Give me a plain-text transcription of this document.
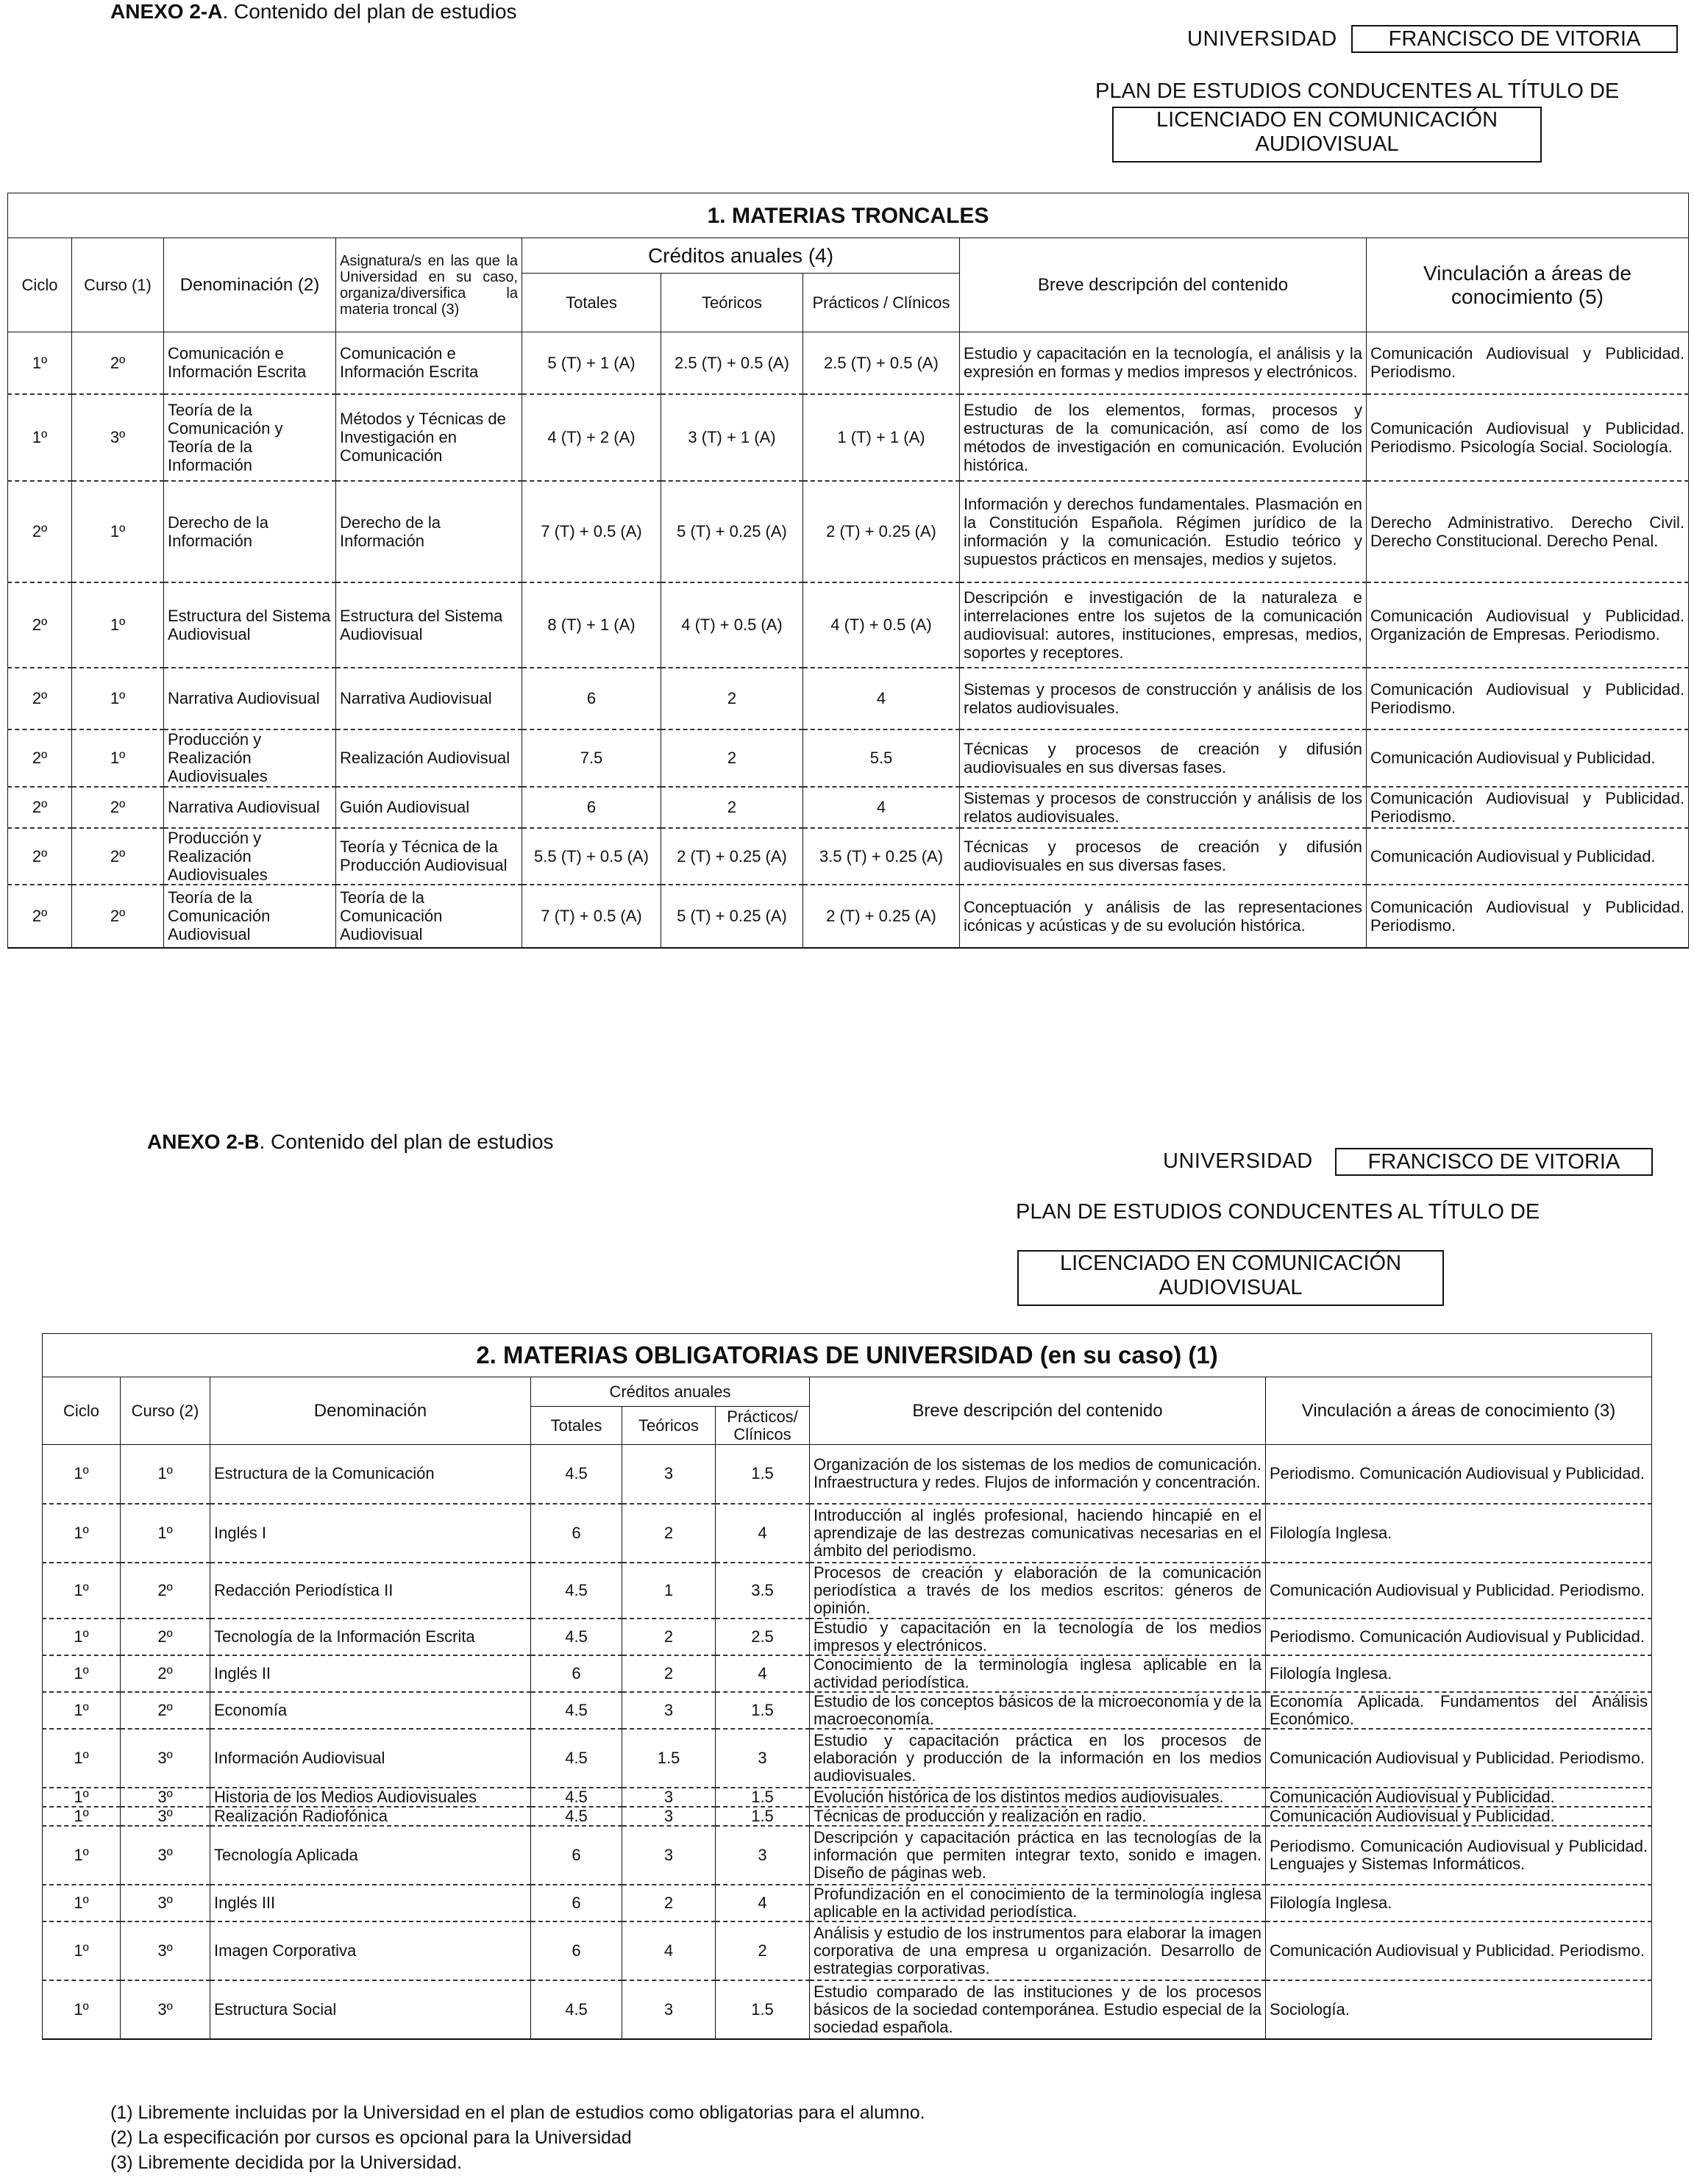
ANEXO 2-A. Contenido del plan de estudios
UNIVERSIDAD	FRANCISCO DE VITORIA
PLAN DE ESTUDIOS CONDUCENTES AL TÍTULO DE
LICENCIADO EN COMUNICACIÓN
AUDIOVISUAL
1. MATERIAS TRONCALES								
Ciclo	Curso (1)	Denominación (2)	Asignatura/s en las que la Universidad en su caso, organiza/diversifica la materia troncal (3)	Créditos anuales (4)			Breve descripción del contenido	Vinculación a áreas de conocimiento (5)
				Totales	Teóricos	Prácticos / Clínicos		
1º	2º	Comunicación e Información Escrita	Comunicación e Información Escrita	5 (T) + 1 (A)	2.5 (T) + 0.5 (A)	2.5 (T) + 0.5 (A)	Estudio y capacitación en la tecnología, el análisis y la expresión en formas y medios impresos y electrónicos.	Comunicación Audiovisual y Publicidad. Periodismo.
1º	3º	Teoría de la Comunicación y Teoría de la Información	Métodos y Técnicas de Investigación en Comunicación	4 (T) + 2 (A)	3 (T) + 1 (A)	1 (T) + 1 (A)	Estudio de los elementos, formas, procesos y estructuras de la comunicación, así como de los métodos de investigación en comunicación. Evolución histórica.	Comunicación Audiovisual y Publicidad. Periodismo. Psicología Social. Sociología.
2º	1º	Derecho de la Información	Derecho de la Información	7 (T) + 0.5 (A)	5 (T) + 0.25 (A)	2 (T) + 0.25 (A)	Información y derechos fundamentales. Plasmación en la Constitución Española. Régimen jurídico de la información y la comunicación. Estudio teórico y supuestos prácticos en mensajes, medios y sujetos.	Derecho Administrativo. Derecho Civil. Derecho Constitucional. Derecho Penal.
2º	1º	Estructura del Sistema Audiovisual	Estructura del Sistema Audiovisual	8 (T) + 1 (A)	4 (T) + 0.5 (A)	4 (T) + 0.5 (A)	Descripción e investigación de la naturaleza e interrelaciones entre los sujetos de la comunicación audiovisual: autores, instituciones, empresas, medios, soportes y receptores.	Comunicación Audiovisual y Publicidad. Organización de Empresas. Periodismo.
2º	1º	Narrativa Audiovisual	Narrativa Audiovisual	6	2	4	Sistemas y procesos de construcción y análisis de los relatos audiovisuales.	Comunicación Audiovisual y Publicidad. Periodismo.
2º	1º	Producción y Realización Audiovisuales	Realización Audiovisual	7.5	2	5.5	Técnicas y procesos de creación y difusión audiovisuales en sus diversas fases.	Comunicación Audiovisual y Publicidad.
2º	2º	Narrativa Audiovisual	Guión Audiovisual	6	2	4	Sistemas y procesos de construcción y análisis de los relatos audiovisuales.	Comunicación Audiovisual y Publicidad. Periodismo.
2º	2º	Producción y Realización Audiovisuales	Teoría y Técnica de la Producción Audiovisual	5.5 (T) + 0.5 (A)	2 (T) + 0.25 (A)	3.5 (T) + 0.25 (A)	Técnicas y procesos de creación y difusión audiovisuales en sus diversas fases.	Comunicación Audiovisual y Publicidad.
2º	2º	Teoría de la Comunicación Audiovisual	Teoría de la Comunicación Audiovisual	7 (T) + 0.5 (A)	5 (T) + 0.25 (A)	2 (T) + 0.25 (A)	Conceptuación y análisis de las representaciones icónicas y acústicas y de su evolución histórica.	Comunicación Audiovisual y Publicidad. Periodismo.
ANEXO 2-B. Contenido del plan de estudios
UNIVERSIDAD	FRANCISCO DE VITORIA
PLAN DE ESTUDIOS CONDUCENTES AL TÍTULO DE
LICENCIADO EN COMUNICACIÓN
AUDIOVISUAL
2. MATERIAS OBLIGATORIAS DE UNIVERSIDAD (en su caso) (1)							
Ciclo	Curso (2)	Denominación	Créditos anuales			Breve descripción del contenido	Vinculación a áreas de conocimiento (3)
			Totales	Teóricos	Prácticos/ Clínicos		
1º	1º	Estructura de la Comunicación	4.5	3	1.5	Organización de los sistemas de los medios de comunicación. Infraestructura y redes. Flujos de información y concentración.	Periodismo. Comunicación Audiovisual y Publicidad.
1º	1º	Inglés I	6	2	4	Introducción al inglés profesional, haciendo hincapié en el aprendizaje de las destrezas comunicativas necesarias en el ámbito del periodismo.	Filología Inglesa.
1º	2º	Redacción Periodística II	4.5	1	3.5	Procesos de creación y elaboración de la comunicación periodística a través de los medios escritos: géneros de opinión.	Comunicación Audiovisual y Publicidad. Periodismo.
1º	2º	Tecnología de la Información Escrita	4.5	2	2.5	Estudio y capacitación en la tecnología de los medios impresos y electrónicos.	Periodismo. Comunicación Audiovisual y Publicidad.
1º	2º	Inglés II	6	2	4	Conocimiento de la terminología inglesa aplicable en la actividad periodística.	Filología Inglesa.
1º	2º	Economía	4.5	3	1.5	Estudio de los conceptos básicos de la microeconomía y de la macroeconomía.	Economía Aplicada. Fundamentos del Análisis Económico.
1º	3º	Información Audiovisual	4.5	1.5	3	Estudio y capacitación práctica en los procesos de elaboración y producción de la información en los medios audiovisuales.	Comunicación Audiovisual y Publicidad. Periodismo.
1º	3º	Historia de los Medios Audiovisuales	4.5	3	1.5	Evolución histórica de los distintos medios audiovisuales.	Comunicación Audiovisual y Publicidad.
1º	3º	Realización Radiofónica	4.5	3	1.5	Técnicas de producción y realización en radio.	Comunicación Audiovisual y Publicidad.
1º	3º	Tecnología Aplicada	6	3	3	Descripción y capacitación práctica en las tecnologías de la información que permiten integrar texto, sonido e imagen. Diseño de páginas web.	Periodismo. Comunicación Audiovisual y Publicidad. Lenguajes y Sistemas Informáticos.
1º	3º	Inglés III	6	2	4	Profundización en el conocimiento de la terminología inglesa aplicable en la actividad periodística.	Filología Inglesa.
1º	3º	Imagen Corporativa	6	4	2	Análisis y estudio de los instrumentos para elaborar la imagen corporativa de una empresa u organización. Desarrollo de estrategias corporativas.	Comunicación Audiovisual y Publicidad. Periodismo.
1º	3º	Estructura Social	4.5	3	1.5	Estudio comparado de las instituciones y de los procesos básicos de la sociedad contemporánea. Estudio especial de la sociedad española.	Sociología.
(1) Libremente incluidas por la Universidad en el plan de estudios como obligatorias para el alumno.
(2) La especificación por cursos es opcional para la Universidad
(3) Libremente decidida por la Universidad.
